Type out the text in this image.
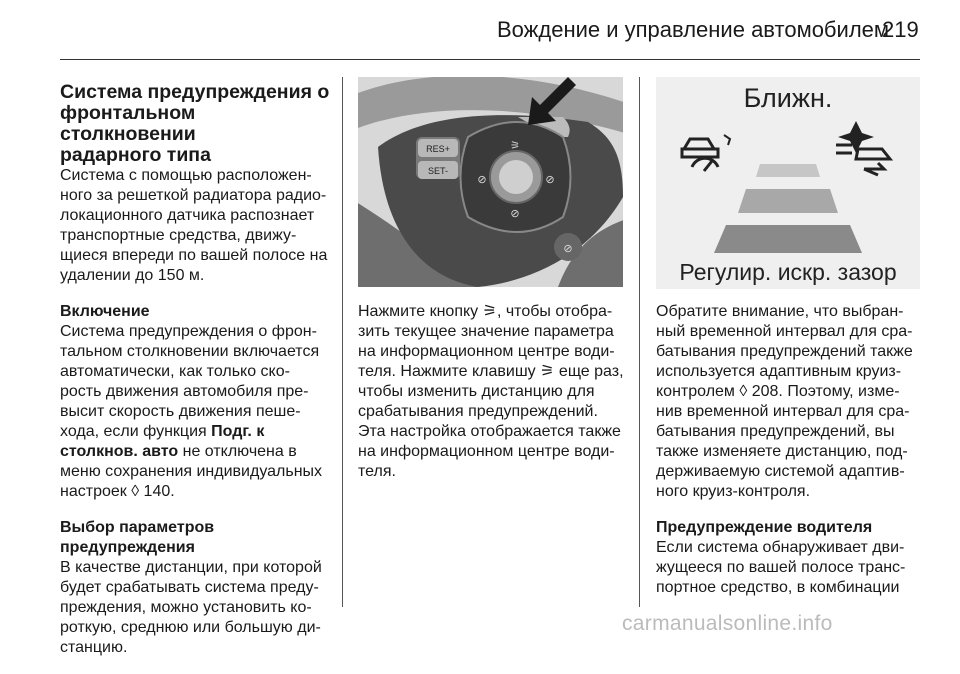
Вождение и управление автомобилем
219
Система предупреждения о
фронтальном столкновении
радарного типа
Система с помощью расположен-
ного за решеткой радиатора радио-
локационного датчика распознает
транспортные средства, движу-
щиеся впереди по вашей полосе на
удалении до 150 м.

Включение
Система предупреждения о фрон-
тальном столкновении включается
автоматически, как только ско-
рость движения автомобиля пре-
высит скорость движения пеше-
хода, если функция Подг. к
столкнов. авто не отключена в
меню сохранения индивидуальных
настроек ◊ 140.

Выбор параметров
предупреждения
В качестве дистанции, при которой
будет срабатывать система преду-
преждения, можно установить ко-
роткую, среднюю или большую ди-
станцию.

RES+
SET-
⚞
⊘	⊘
⊘
⊘
Нажмите кнопку ⚞, чтобы отобра-
зить текущее значение параметра
на информационном центре води-
теля. Нажмите клавишу ⚞ еще раз,
чтобы изменить дистанцию для
срабатывания предупреждений.
Эта настройка отображается также
на информационном центре води-
теля.
Ближн.
Регулир. искр. зазор

Обратите внимание, что выбран-
ный временной интервал для сра-
батывания предупреждений также
используется адаптивным круиз-
контролем ◊ 208. Поэтому, изме-
нив временной интервал для сра-
батывания предупреждений, вы
также изменяете дистанцию, под-
держиваемую системой адаптив-
ного круиз-контроля.

Предупреждение водителя
Если система обнаруживает дви-
жущееся по вашей полосе транс-
портное средство, в комбинации

carmanualsonline.info
